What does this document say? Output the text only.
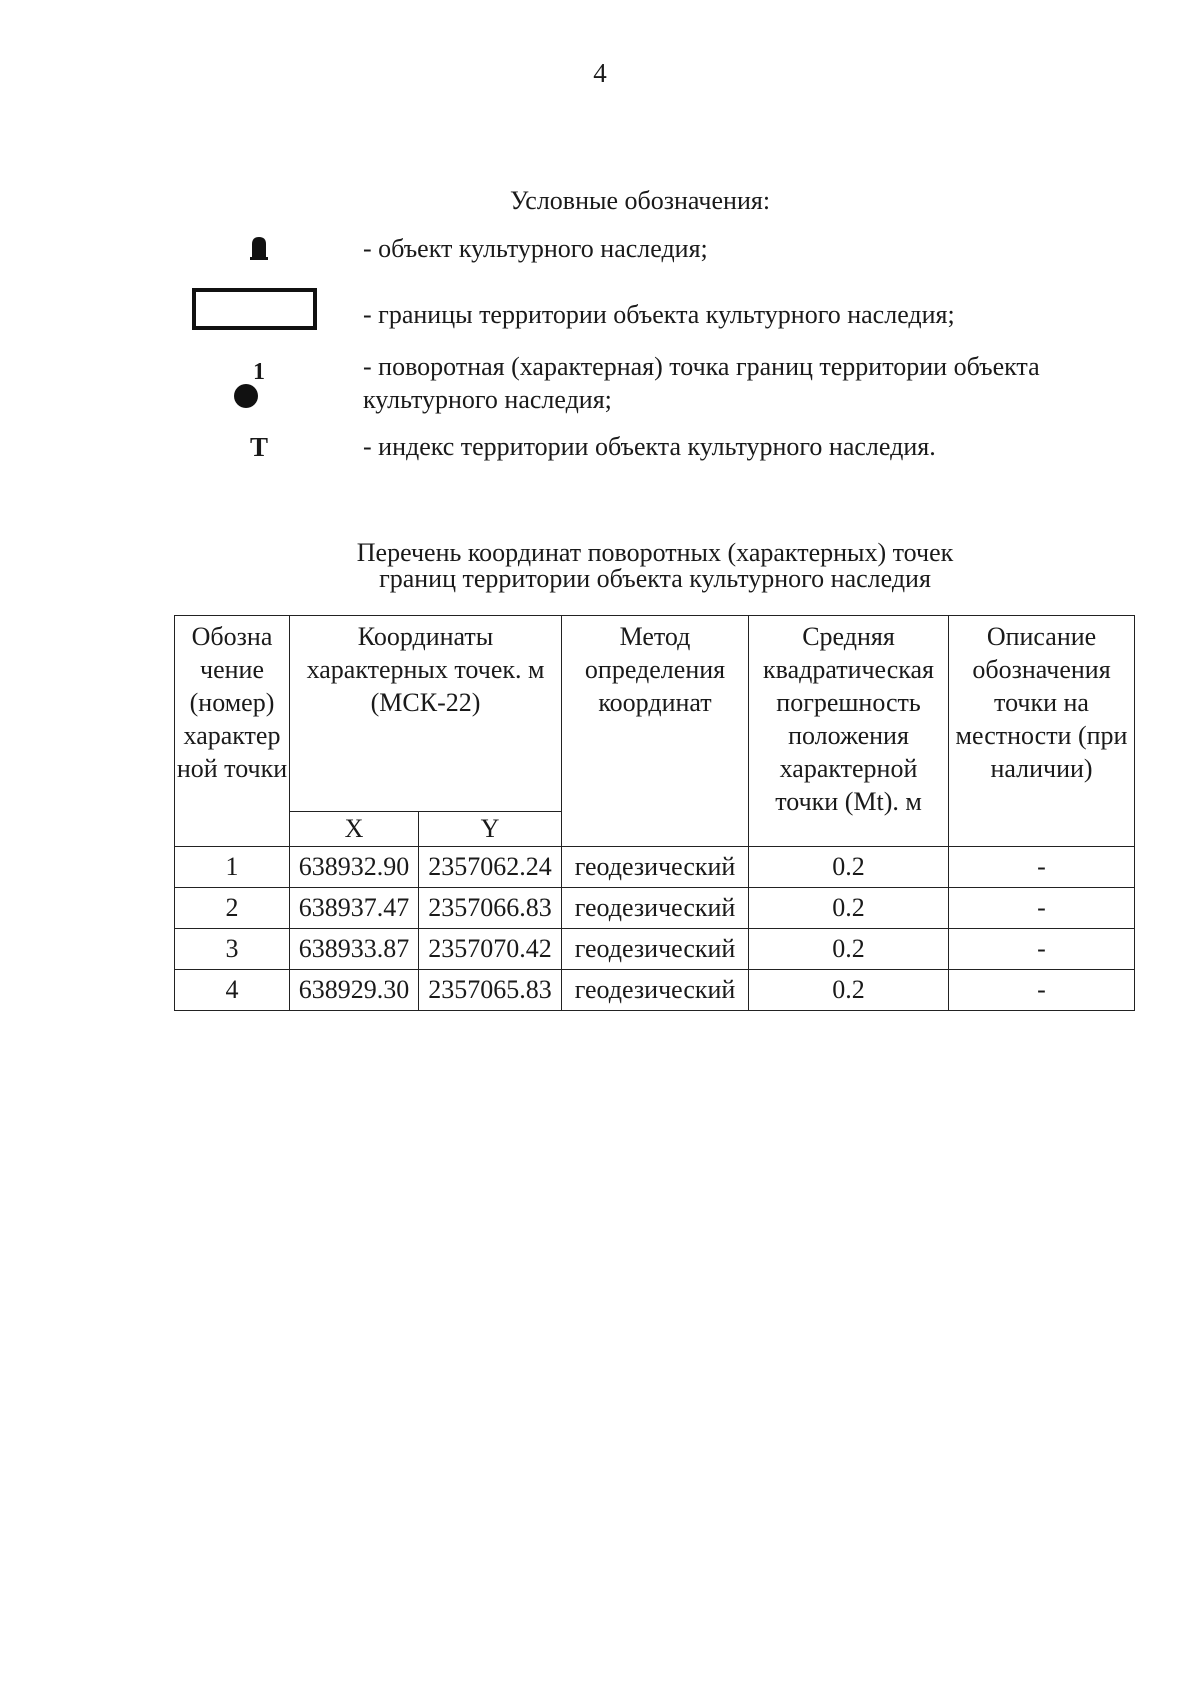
4
Условные обозначения:
- объект культурного наследия;
- границы территории объекта культурного наследия;
1	- поворотная (характерная) точка границ территории объекта культурного наследия;
Т	- индекс территории объекта культурного наследия.
Перечень координат поворотных (характерных) точек
границ территории объекта культурного наследия
Обозна чение (номер) характер ной точки	Координаты характерных точек. м (МСК-22)		Метод определения координат	Средняя квадратическая погрешность положения характерной точки (Mt). м	Описание обозначения точки на местности (при наличии)

	X	Y			
1	638932.90	2357062.24	геодезический	0.2	-
2	638937.47	2357066.83	геодезический	0.2	-
3	638933.87	2357070.42	геодезический	0.2	-
4	638929.30	2357065.83	геодезический	0.2	-
